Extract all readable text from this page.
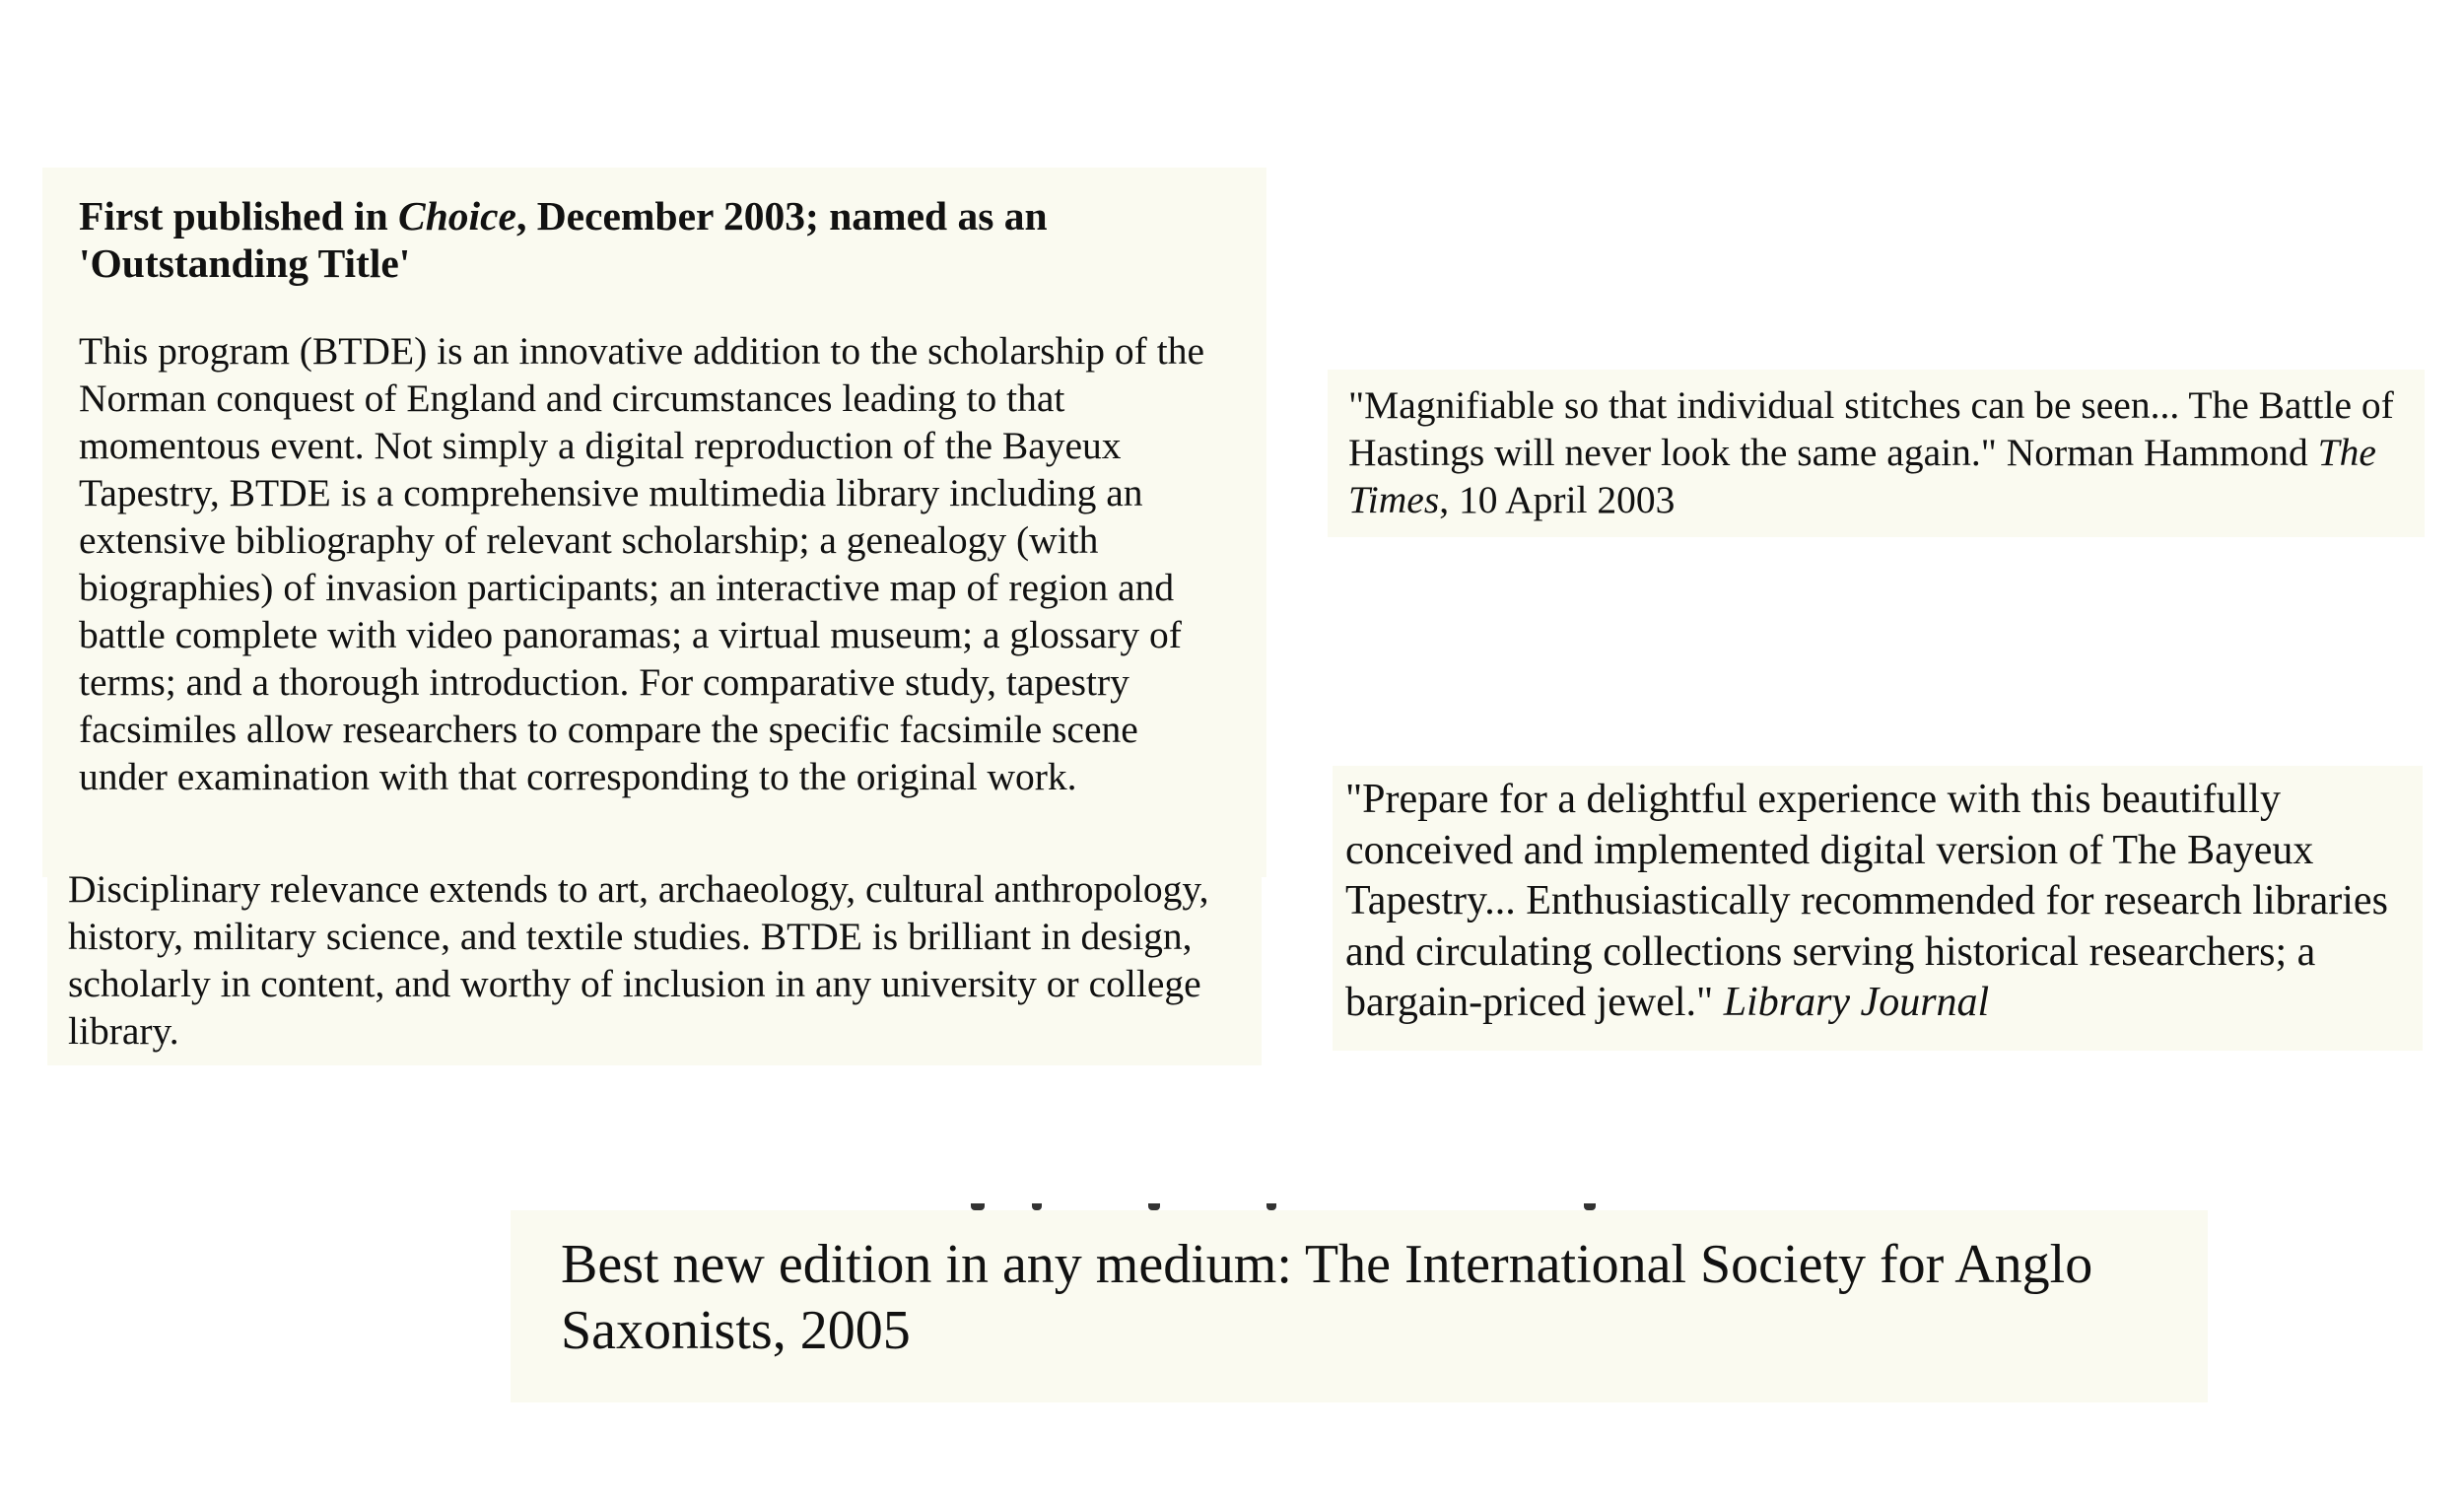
First published in Choice, December 2003; named as an 'Outstanding Title'

This program (BTDE) is an innovative addition to the scholarship of the Norman conquest of England and circumstances leading to that momentous event. Not simply a digital reproduction of the Bayeux Tapestry, BTDE is a comprehensive multimedia library including an extensive bibliography of relevant scholarship; a genealogy (with biographies) of invasion participants; an interactive map of region and battle complete with video panoramas; a virtual museum; a glossary of terms; and a thorough introduction. For comparative study, tapestry facsimiles allow researchers to compare the specific facsimile scene under examination with that corresponding to the original work.

Disciplinary relevance extends to art, archaeology, cultural anthropology, history, military science, and textile studies. BTDE is brilliant in design, scholarly in content, and worthy of inclusion in any university or college library.

"Magnifiable so that individual stitches can be seen... The Battle of Hastings will never look the same again." Norman Hammond The Times, 10 April 2003

"Prepare for a delightful experience with this beautifully conceived and implemented digital version of The Bayeux Tapestry... Enthusiastically recommended for research libraries and circulating collections serving historical researchers; a bargain-priced jewel." Library Journal

Best new edition in any medium: The International Society for Anglo Saxonists, 2005
